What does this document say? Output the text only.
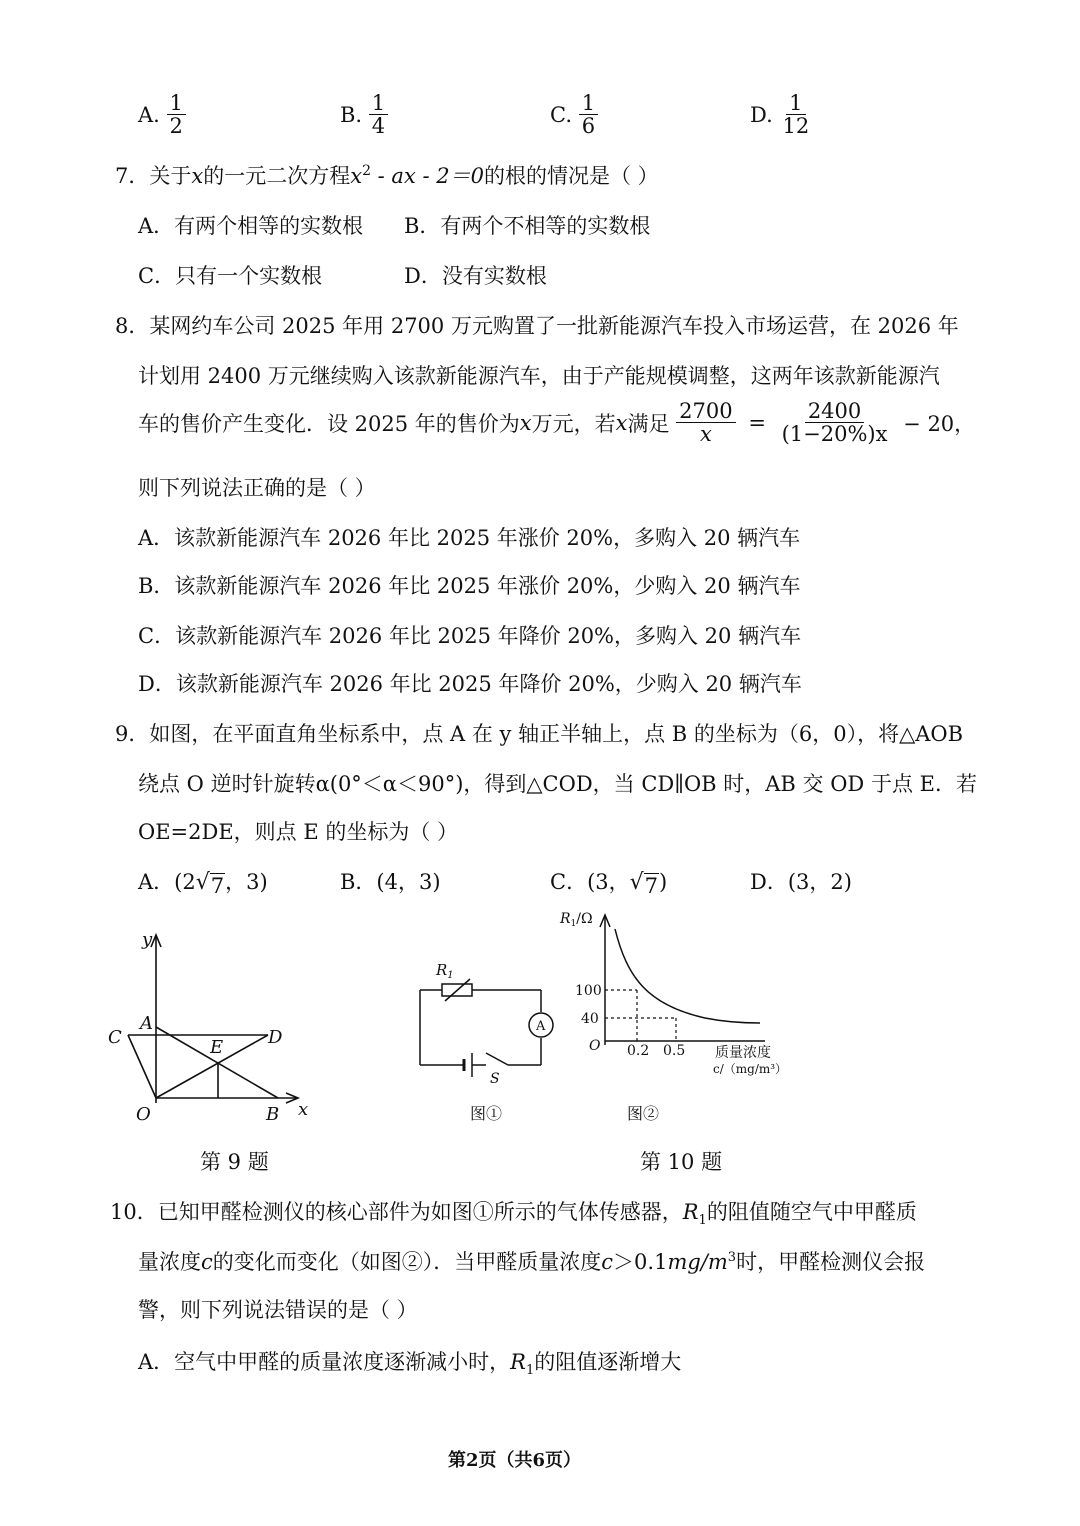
A. $\frac{1}{2}$	B. $\frac{1}{4}$	C. $\frac{1}{6}$	D. $\frac{1}{12}$
7．关于x的一元二次方程$x^2$ - ax - 2＝0的根的情况是（ ）
A．有两个相等的实数根 B．有两个不相等的实数根
C．只有一个实数根	D．没有实数根
8．某网约车公司 2025 年用 2700 万元购置了一批新能源汽车投入市场运营，在 2026 年
计划用 2400 万元继续购入该款新能源汽车，由于产能规模调整，这两年该款新能源汽
车的售价产生变化．设 2025 年的售价为x万元，若x满足 $\frac{2700}{x} = \frac{2400}{(1-20\%)x} - 20$，
则下列说法正确的是（ ）
A．该款新能源汽车 2026 年比 2025 年涨价 20%，多购入 20 辆汽车
B．该款新能源汽车 2026 年比 2025 年涨价 20%，少购入 20 辆汽车
C．该款新能源汽车 2026 年比 2025 年降价 20%，多购入 20 辆汽车
D．该款新能源汽车 2026 年比 2025 年降价 20%，少购入 20 辆汽车
9．如图，在平面直角坐标系中，点 A 在 y 轴正半轴上，点 B 的坐标为（6，0），将△AOB
绕点 O 逆时针旋转α(0°＜α＜90°)，得到△COD，当 CD∥OB 时，AB 交 OD 于点 E．若
OE=2DE，则点 E 的坐标为（ ）
A．(2 √ 7 ，3)	B．(4，3)	C．(3， √ 7 )	D．(3，2)
y
x
A
C	D
E
O	B
第 9 题
$R_1$
A
S
图①
$R_1/\Omega$
100
40
O 0.2 0.5 质量浓度
c/（mg/m³）
图②
第 10 题
10．已知甲醛检测仪的核心部件为如图①所示的气体传感器，$R_1$的阻值随空气中甲醛质
量浓度c的变化而变化（如图②）．当甲醛质量浓度$c>0.1mg/m^3$时，甲醛检测仪会报
警，则下列说法错误的是（ ）
A．空气中甲醛的质量浓度逐渐减小时，$R_1$的阻值逐渐增大
第2页（共6页）
